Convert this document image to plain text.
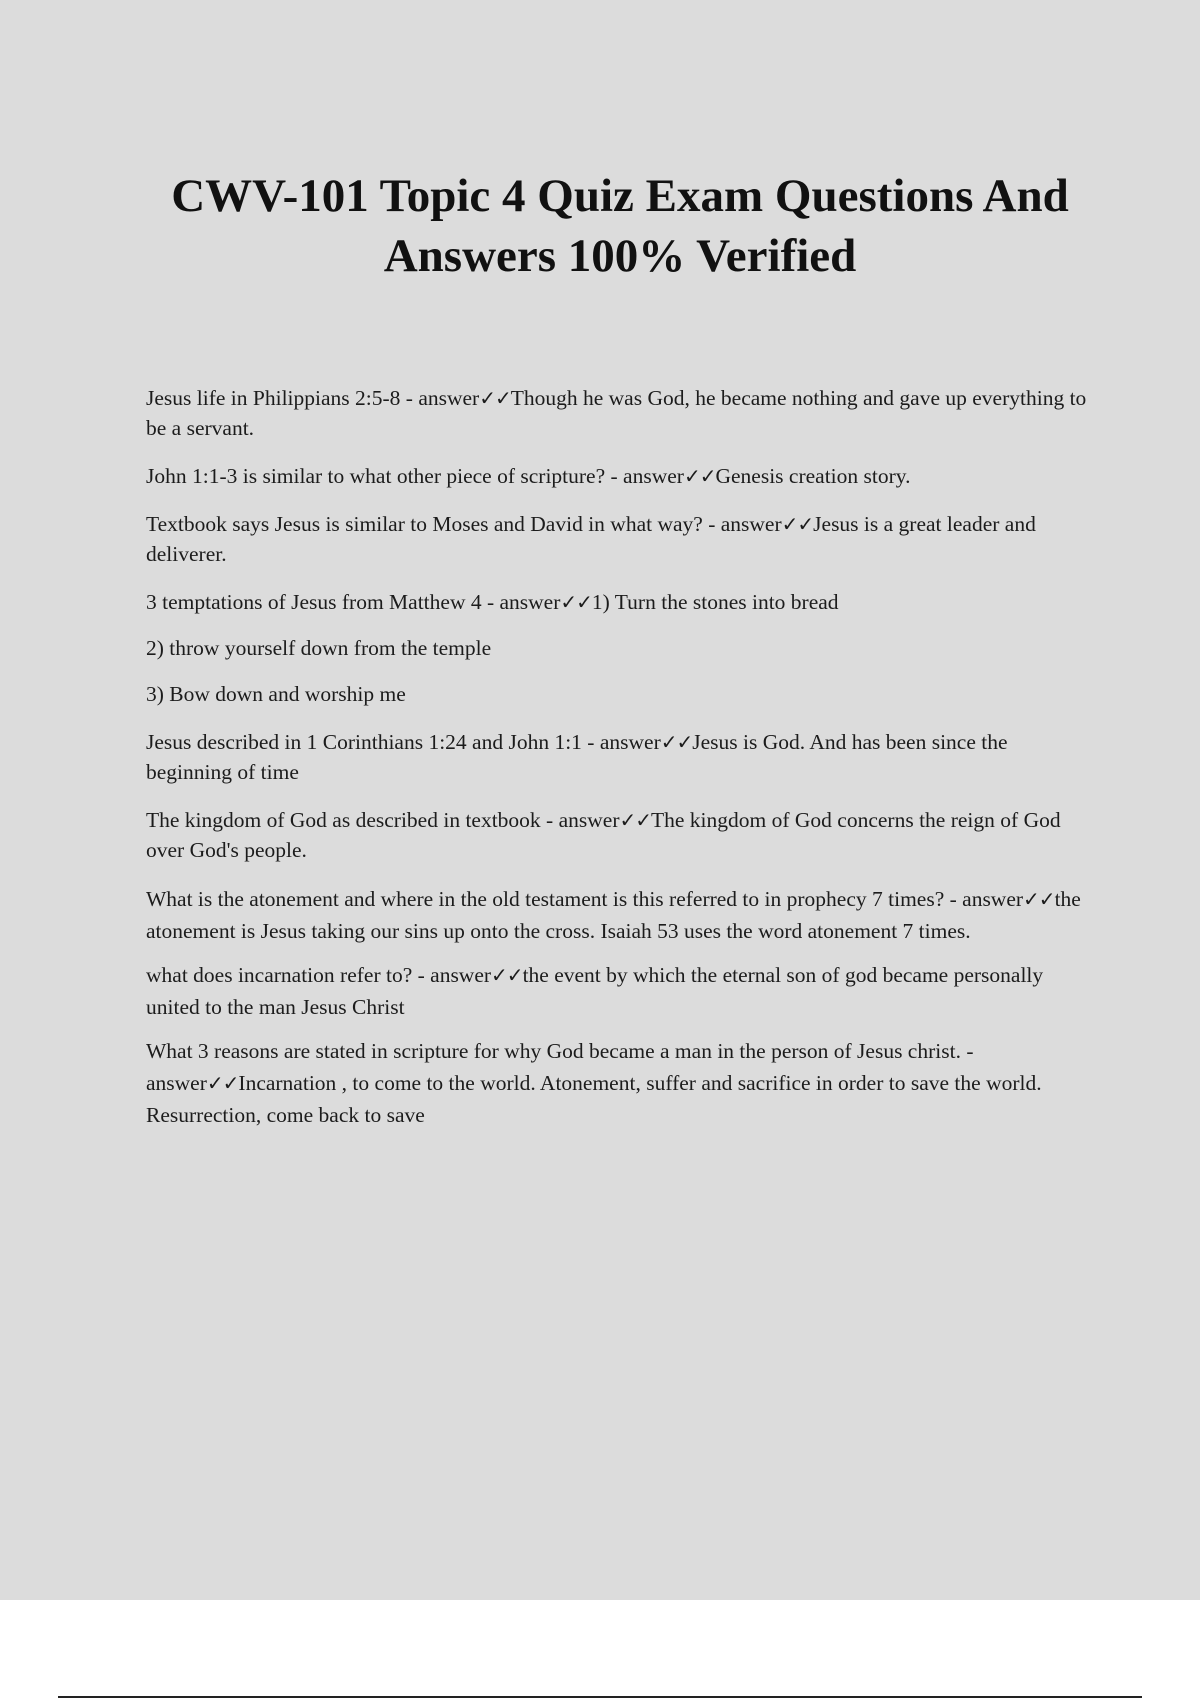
CWV-101 Topic 4 Quiz Exam Questions And Answers 100% Verified
Jesus life in Philippians 2:5-8 - answer✓✓Though he was God, he became nothing and gave up everything to be a servant.
John 1:1-3 is similar to what other piece of scripture? - answer✓✓Genesis creation story.
Textbook says Jesus is similar to Moses and David in what way? - answer✓✓Jesus is a great leader and deliverer.
3 temptations of Jesus from Matthew 4 - answer✓✓1) Turn the stones into bread
2) throw yourself down from the temple
3) Bow down and worship me
Jesus described in 1 Corinthians 1:24 and John 1:1 - answer✓✓Jesus is God. And has been since the beginning of time
The kingdom of God as described in textbook - answer✓✓The kingdom of God concerns the reign of God over God's people.
What is the atonement and where in the old testament is this referred to in prophecy 7 times? - answer✓✓the atonement is Jesus taking our sins up onto the cross. Isaiah 53 uses the word atonement 7 times.
what does incarnation refer to? - answer✓✓the event by which the eternal son of god became personally united to the man Jesus Christ
What 3 reasons are stated in scripture for why God became a man in the person of Jesus christ. - answer✓✓Incarnation , to come to the world. Atonement, suffer and sacrifice in order to save the world. Resurrection, come back to save
